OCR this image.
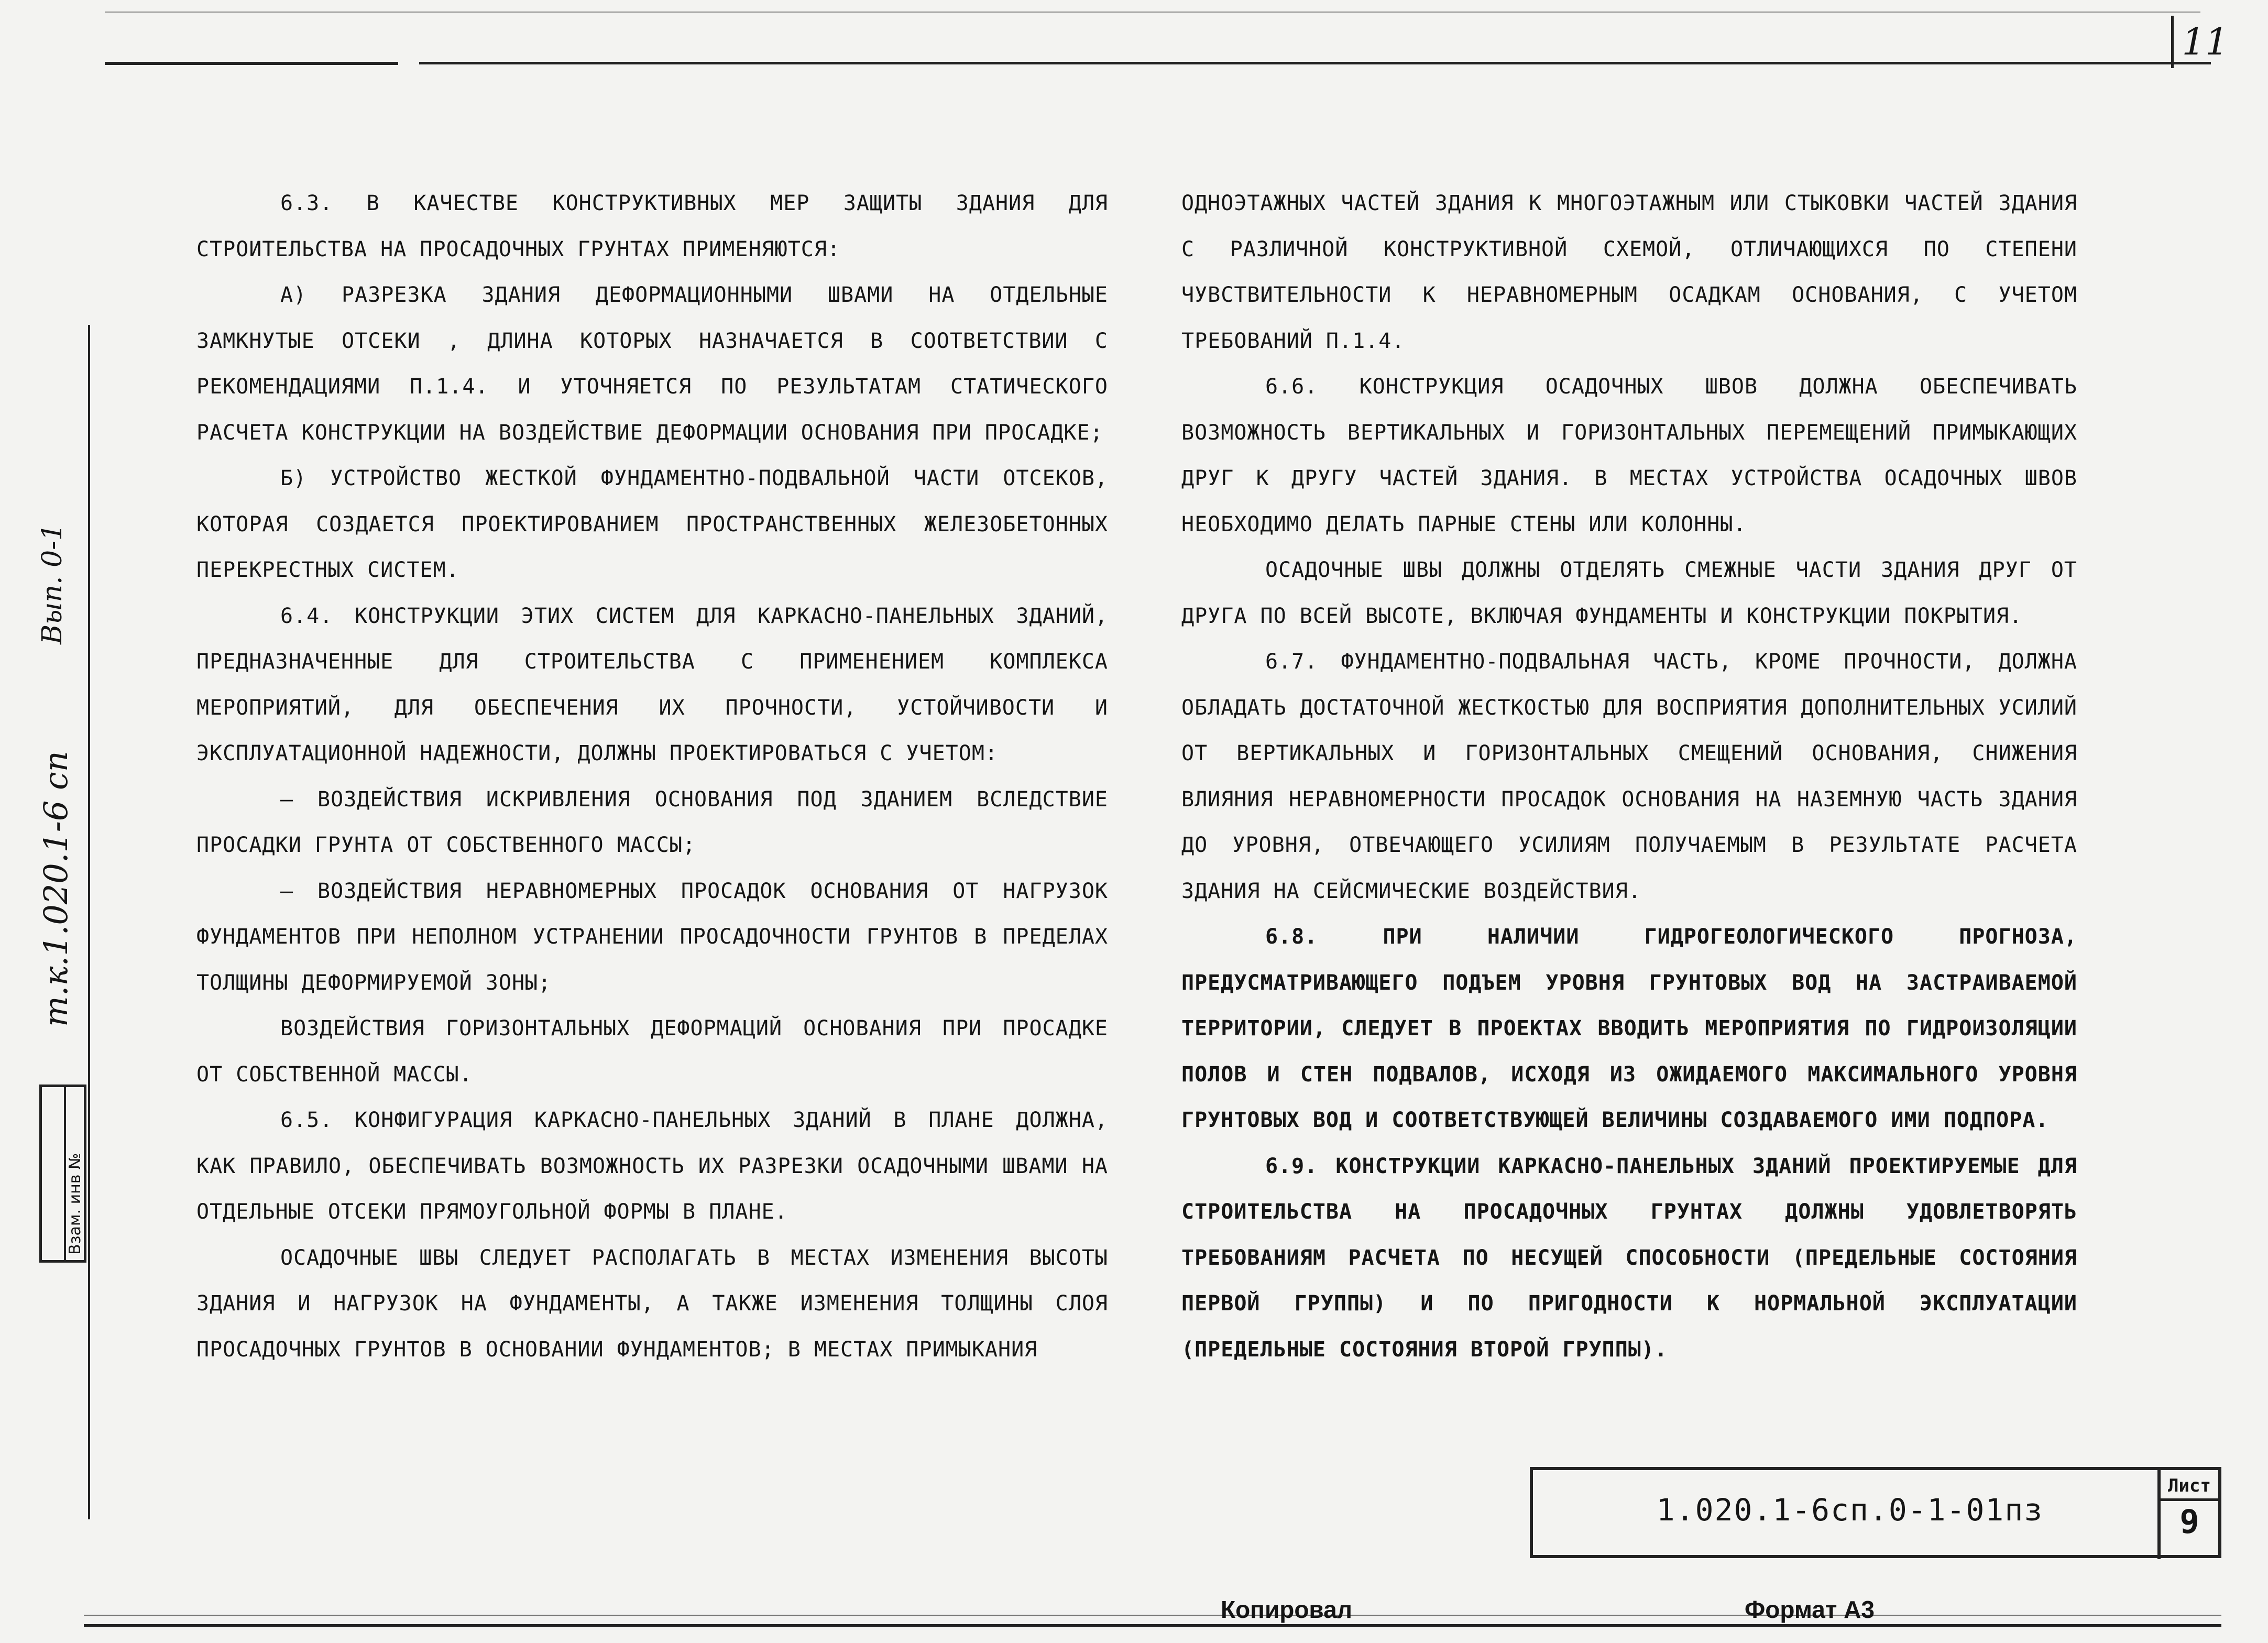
11
Вып. 0-1
т.к.1.020.1-6 сп
Взам. инв №

6.3. В КАЧЕСТВЕ КОНСТРУКТИВНЫХ МЕР ЗАЩИТЫ ЗДАНИЯ ДЛЯ СТРОИТЕЛЬСТВА НА ПРОСАДОЧНЫХ ГРУНТАХ ПРИМЕНЯЮТСЯ:

А) РАЗРЕЗКА ЗДАНИЯ ДЕФОРМАЦИОННЫМИ ШВАМИ НА ОТДЕЛЬНЫЕ ЗАМКНУТЫЕ ОТСЕКИ , ДЛИНА КОТОРЫХ НАЗНАЧАЕТСЯ В СООТВЕТСТВИИ С РЕКОМЕНДАЦИЯМИ П.1.4. И УТОЧНЯЕТСЯ ПО РЕЗУЛЬТАТАМ СТАТИЧЕСКОГО РАСЧЕТА КОНСТРУКЦИИ НА ВОЗДЕЙСТВИЕ ДЕФОРМАЦИИ ОСНОВАНИЯ ПРИ ПРОСАДКЕ;

Б) УСТРОЙСТВО ЖЕСТКОЙ ФУНДАМЕНТНО-ПОДВАЛЬНОЙ ЧАСТИ ОТСЕКОВ, КОТОРАЯ СОЗДАЕТСЯ ПРОЕКТИРОВАНИЕМ ПРОСТРАНСТВЕННЫХ ЖЕЛЕЗОБЕТОННЫХ ПЕРЕКРЕСТНЫХ СИСТЕМ.

6.4. КОНСТРУКЦИИ ЭТИХ СИСТЕМ ДЛЯ КАРКАСНО-ПАНЕЛЬНЫХ ЗДАНИЙ, ПРЕДНАЗНАЧЕННЫЕ ДЛЯ СТРОИТЕЛЬСТВА С ПРИМЕНЕНИЕМ КОМПЛЕКСА МЕРОПРИЯТИЙ, ДЛЯ ОБЕСПЕЧЕНИЯ ИХ ПРОЧНОСТИ, УСТОЙЧИВОСТИ И ЭКСПЛУАТАЦИОННОЙ НАДЕЖНОСТИ, ДОЛЖНЫ ПРОЕКТИРОВАТЬСЯ С УЧЕТОМ:

– ВОЗДЕЙСТВИЯ ИСКРИВЛЕНИЯ ОСНОВАНИЯ ПОД ЗДАНИЕМ ВСЛЕДСТВИЕ ПРОСАДКИ ГРУНТА ОТ СОБСТВЕННОГО МАССЫ;

– ВОЗДЕЙСТВИЯ НЕРАВНОМЕРНЫХ ПРОСАДОК ОСНОВАНИЯ ОТ НАГРУЗОК ФУНДАМЕНТОВ ПРИ НЕПОЛНОМ УСТРАНЕНИИ ПРОСАДОЧНОСТИ ГРУНТОВ В ПРЕДЕЛАХ ТОЛЩИНЫ ДЕФОРМИРУЕМОЙ ЗОНЫ;

ВОЗДЕЙСТВИЯ ГОРИЗОНТАЛЬНЫХ ДЕФОРМАЦИЙ ОСНОВАНИЯ ПРИ ПРОСАДКЕ ОТ СОБСТВЕННОЙ МАССЫ.

6.5. КОНФИГУРАЦИЯ КАРКАСНО-ПАНЕЛЬНЫХ ЗДАНИЙ В ПЛАНЕ ДОЛЖНА, КАК ПРАВИЛО, ОБЕСПЕЧИВАТЬ ВОЗМОЖНОСТЬ ИХ РАЗРЕЗКИ ОСАДОЧНЫМИ ШВАМИ НА ОТДЕЛЬНЫЕ ОТСЕКИ ПРЯМОУГОЛЬНОЙ ФОРМЫ В ПЛАНЕ.

ОСАДОЧНЫЕ ШВЫ СЛЕДУЕТ РАСПОЛАГАТЬ В МЕСТАХ ИЗМЕНЕНИЯ ВЫСОТЫ ЗДАНИЯ И НАГРУЗОК НА ФУНДАМЕНТЫ, А ТАКЖЕ ИЗМЕНЕНИЯ ТОЛЩИНЫ СЛОЯ ПРОСАДОЧНЫХ ГРУНТОВ В ОСНОВАНИИ ФУНДАМЕНТОВ; В МЕСТАХ ПРИМЫКАНИЯ

ОДНОЭТАЖНЫХ ЧАСТЕЙ ЗДАНИЯ К МНОГОЭТАЖНЫМ ИЛИ СТЫКОВКИ ЧАСТЕЙ ЗДАНИЯ С РАЗЛИЧНОЙ КОНСТРУКТИВНОЙ СХЕМОЙ, ОТЛИЧАЮЩИХСЯ ПО СТЕПЕНИ ЧУВСТВИТЕЛЬНОСТИ К НЕРАВНОМЕРНЫМ ОСАДКАМ ОСНОВАНИЯ, С УЧЕТОМ ТРЕБОВАНИЙ П.1.4.

6.6. КОНСТРУКЦИЯ ОСАДОЧНЫХ ШВОВ ДОЛЖНА ОБЕСПЕЧИВАТЬ ВОЗМОЖНОСТЬ ВЕРТИКАЛЬНЫХ И ГОРИЗОНТАЛЬНЫХ ПЕРЕМЕЩЕНИЙ ПРИМЫКАЮЩИХ ДРУГ К ДРУГУ ЧАСТЕЙ ЗДАНИЯ. В МЕСТАХ УСТРОЙСТВА ОСАДОЧНЫХ ШВОВ НЕОБХОДИМО ДЕЛАТЬ ПАРНЫЕ СТЕНЫ ИЛИ КОЛОННЫ.

ОСАДОЧНЫЕ ШВЫ ДОЛЖНЫ ОТДЕЛЯТЬ СМЕЖНЫЕ ЧАСТИ ЗДАНИЯ ДРУГ ОТ ДРУГА ПО ВСЕЙ ВЫСОТЕ, ВКЛЮЧАЯ ФУНДАМЕНТЫ И КОНСТРУКЦИИ ПОКРЫТИЯ.

6.7. ФУНДАМЕНТНО-ПОДВАЛЬНАЯ ЧАСТЬ, КРОМЕ ПРОЧНОСТИ, ДОЛЖНА ОБЛАДАТЬ ДОСТАТОЧНОЙ ЖЕСТКОСТЬЮ ДЛЯ ВОСПРИЯТИЯ ДОПОЛНИТЕЛЬНЫХ УСИЛИЙ ОТ ВЕРТИКАЛЬНЫХ И ГОРИЗОНТАЛЬНЫХ СМЕЩЕНИЙ ОСНОВАНИЯ, СНИЖЕНИЯ ВЛИЯНИЯ НЕРАВНОМЕРНОСТИ ПРОСАДОК ОСНОВАНИЯ НА НАЗЕМНУЮ ЧАСТЬ ЗДАНИЯ ДО УРОВНЯ, ОТВЕЧАЮЩЕГО УСИЛИЯМ ПОЛУЧАЕМЫМ В РЕЗУЛЬТАТЕ РАСЧЕТА ЗДАНИЯ НА СЕЙСМИЧЕСКИЕ ВОЗДЕЙСТВИЯ.

6.8. ПРИ НАЛИЧИИ ГИДРОГЕОЛОГИЧЕСКОГО ПРОГНОЗА, ПРЕДУСМАТРИВАЮЩЕГО ПОДЪЕМ УРОВНЯ ГРУНТОВЫХ ВОД НА ЗАСТРАИВАЕМОЙ ТЕРРИТОРИИ, СЛЕДУЕТ В ПРОЕКТАХ ВВОДИТЬ МЕРОПРИЯТИЯ ПО ГИДРОИЗОЛЯЦИИ ПОЛОВ И СТЕН ПОДВАЛОВ, ИСХОДЯ ИЗ ОЖИДАЕМОГО МАКСИМАЛЬНОГО УРОВНЯ ГРУНТОВЫХ ВОД И СООТВЕТСТВУЮЩЕЙ ВЕЛИЧИНЫ СОЗДАВАЕМОГО ИМИ ПОДПОРА.

6.9. КОНСТРУКЦИИ КАРКАСНО-ПАНЕЛЬНЫХ ЗДАНИЙ ПРОЕКТИРУЕМЫЕ ДЛЯ СТРОИТЕЛЬСТВА НА ПРОСАДОЧНЫХ ГРУНТАХ ДОЛЖНЫ УДОВЛЕТВОРЯТЬ ТРЕБОВАНИЯМ РАСЧЕТА ПО НЕСУЩЕЙ СПОСОБНОСТИ (ПРЕДЕЛЬНЫЕ СОСТОЯНИЯ ПЕРВОЙ ГРУППЫ) И ПО ПРИГОДНОСТИ К НОРМАЛЬНОЙ ЭКСПЛУАТАЦИИ (ПРЕДЕЛЬНЫЕ СОСТОЯНИЯ ВТОРОЙ ГРУППЫ).

1.020.1-6сп.0-1-01пз
Лист
9
Копировал	Формат А3
